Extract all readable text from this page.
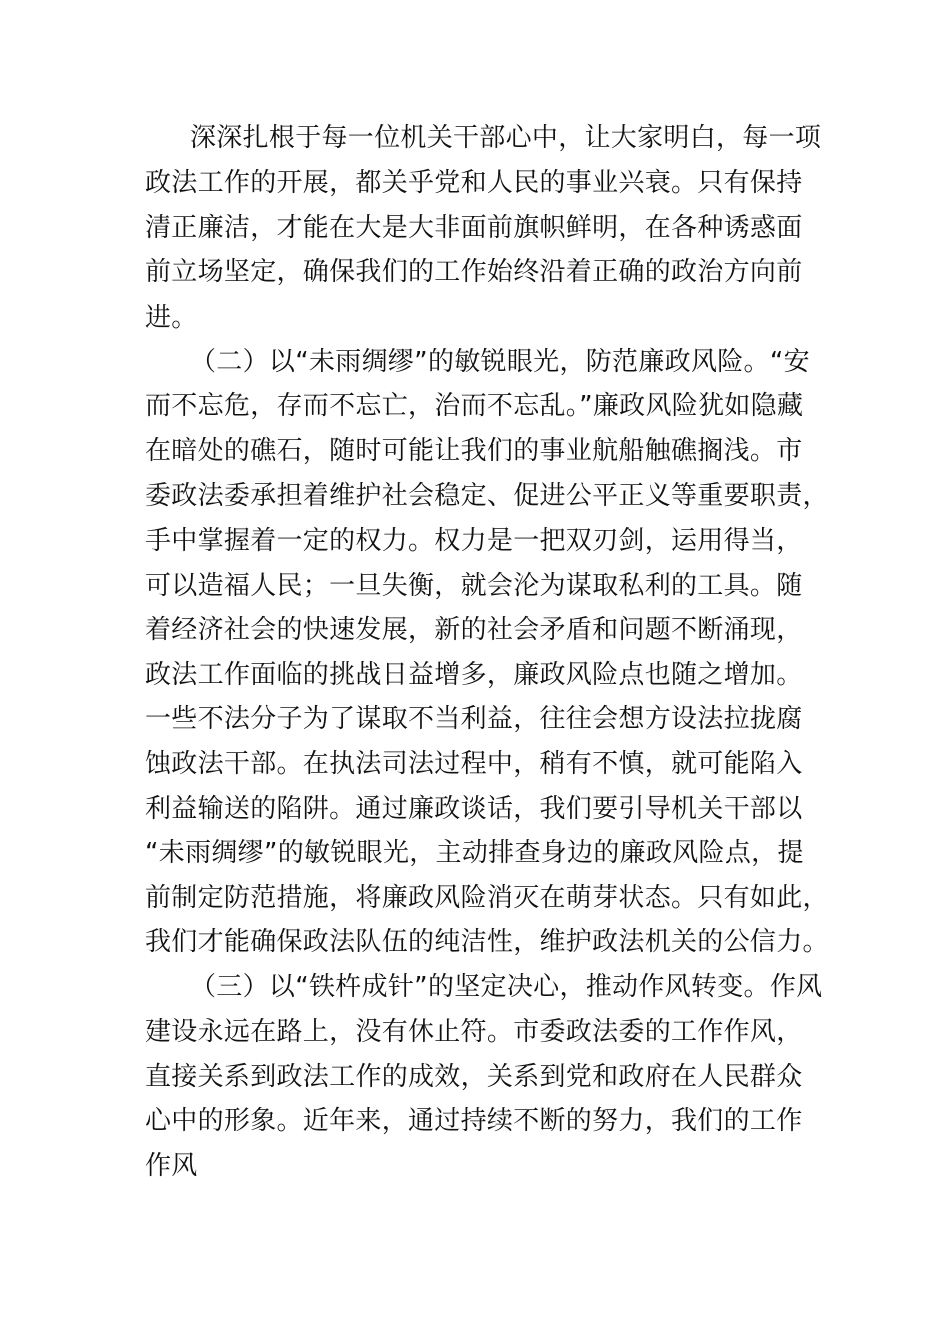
深深扎根于每一位机关干部心中，让大家明白，每一项
政法工作的开展，都关乎党和人民的事业兴衰。只有保持
清正廉洁，才能在大是大非面前旗帜鲜明，在各种诱惑面
前立场坚定，确保我们的工作始终沿着正确的政治方向前
进。
（二）以“未雨绸缪”的敏锐眼光，防范廉政风险。“安
而不忘危，存而不忘亡，治而不忘乱。”廉政风险犹如隐藏
在暗处的礁石，随时可能让我们的事业航船触礁搁浅。市
委政法委承担着维护社会稳定、促进公平正义等重要职责，
手中掌握着一定的权力。权力是一把双刃剑，运用得当，
可以造福人民；一旦失衡，就会沦为谋取私利的工具。随
着经济社会的快速发展，新的社会矛盾和问题不断涌现，
政法工作面临的挑战日益增多，廉政风险点也随之增加。
一些不法分子为了谋取不当利益，往往会想方设法拉拢腐
蚀政法干部。在执法司法过程中，稍有不慎，就可能陷入
利益输送的陷阱。通过廉政谈话，我们要引导机关干部以
“未雨绸缪”的敏锐眼光，主动排查身边的廉政风险点，提
前制定防范措施，将廉政风险消灭在萌芽状态。只有如此，
我们才能确保政法队伍的纯洁性，维护政法机关的公信力。
（三）以“铁杵成针”的坚定决心，推动作风转变。作风
建设永远在路上，没有休止符。市委政法委的工作作风，
直接关系到政法工作的成效，关系到党和政府在人民群众
心中的形象。近年来，通过持续不断的努力，我们的工作
作风
